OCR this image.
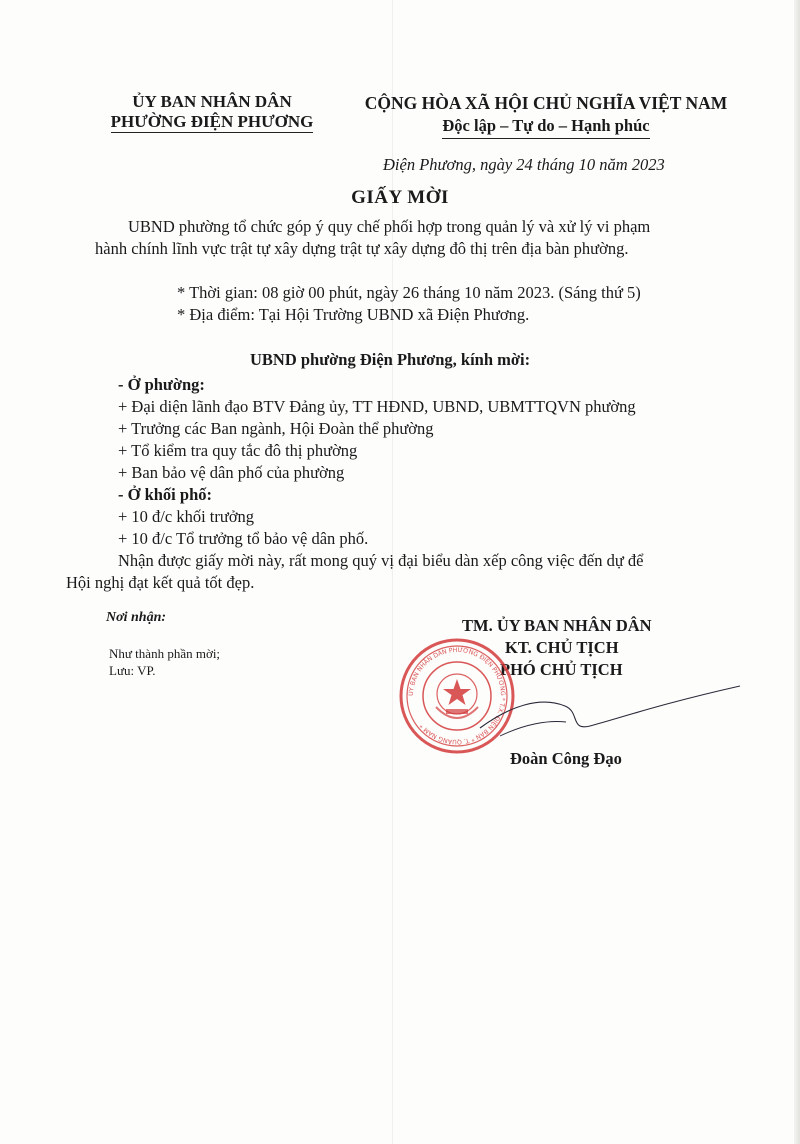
ỦY BAN NHÂN DÂN
PHƯỜNG ĐIỆN PHƯƠNG
CỘNG HÒA XÃ HỘI CHỦ NGHĨA VIỆT NAM
Độc lập – Tự do – Hạnh phúc
Điện Phương, ngày 24 tháng 10 năm 2023
GIẤY MỜI
UBND phường tổ chức góp ý quy chế phối hợp trong quản lý và xử lý vi phạm
hành chính lĩnh vực trật tự xây dựng trật tự xây dựng đô thị trên địa bàn phường.
* Thời gian: 08 giờ 00 phút, ngày 26 tháng 10 năm 2023. (Sáng thứ 5)
* Địa điểm: Tại Hội Trường UBND xã Điện Phương.
UBND phường Điện Phương, kính mời:
- Ở phường:
+ Đại diện lãnh đạo BTV Đảng ủy, TT HĐND, UBND, UBMTTQVN phường
+ Trưởng các Ban ngành, Hội Đoàn thể phường
+ Tổ kiểm tra quy tắc đô thị phường
+ Ban bảo vệ dân phố của phường
- Ở khối phố:
+ 10 đ/c khối trưởng
+ 10 đ/c Tổ trưởng tổ bảo vệ dân phố.
Nhận được giấy mời này, rất mong quý vị đại biểu dàn xếp công việc đến dự để
Hội nghị đạt kết quả tốt đẹp.
Nơi nhận:
Như thành phần mời;
Lưu: VP.
TM. ỦY BAN NHÂN DÂN
KT. CHỦ TỊCH
PHÓ CHỦ TỊCH
ỦY BAN NHÂN DÂN PHƯỜNG ĐIỆN PHƯƠNG * T.X. ĐIỆN BÀN * T. QUẢNG NAM *
Đoàn Công Đạo
